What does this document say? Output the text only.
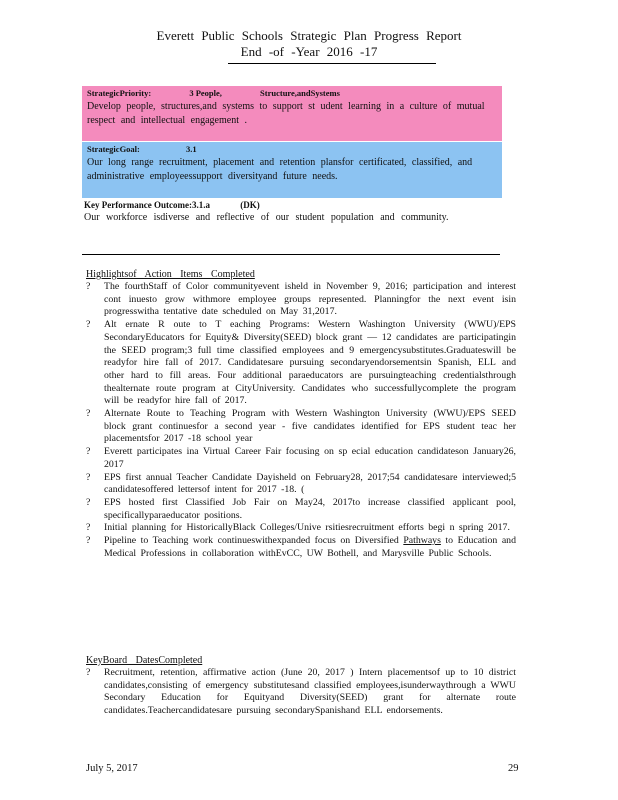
Everett Public Schools Strategic Plan Progress Report
End -of -Year 2016 -17
StrategicPriority:	3 People,	Structure,andSystems
Develop people, structures,and systems to support st udent learning in a culture of mutual respect and intellectual engagement .
StrategicGoal:	3.1
Our long range recruitment, placement and retention plansfor certificated, classified, and administrative employeessupport diversityand future needs.
Key Performance Outcome:3.1.a	(DK)
Our workforce isdiverse and reflective of our student population and community.
Highlightsof Action Items Completed
? The fourthStaff of Color communityevent isheld in November 9, 2016; participation and interest cont inuesto grow withmore employee groups represented. Planningfor the next event isin progresswitha tentative date scheduled on May 31,2017.
? Alt ernate R oute to T eaching Programs: Western Washington University (WWU)/EPS SecondaryEducators for Equity& Diversity(SEED) block grant — 12 candidates are participatingin the SEED program;3 full time classified employees and 9 emergencysubstitutes.Graduateswill be readyfor hire fall of 2017. Candidatesare pursuing secondaryendorsementsin Spanish, ELL and other hard to fill areas. Four additional paraeducators are pursuingteaching credentialsthrough thealternate route program at CityUniversity. Candidates who successfullycomplete the program will be readyfor hire fall of 2017.
? Alternate Route to Teaching Program with Western Washington University (WWU)/EPS SEED block grant continuesfor a second year - five candidates identified for EPS student teac her placementsfor 2017 -18 school year
? Everett participates ina Virtual Career Fair focusing on sp ecial education candidateson January26, 2017
? EPS first annual Teacher Candidate Dayisheld on February28, 2017;54 candidatesare interviewed;5 candidatesoffered lettersof intent for 2017 -18. (
? EPS hosted first Classified Job Fair on May24, 2017to increase classified applicant pool, specificallyparaeducator positions.
? Initial planning for HistoricallyBlack Colleges/Unive rsitiesrecruitment efforts begi n spring 2017.
? Pipeline to Teaching work continueswithexpanded focus on Diversified Pathways to Education and Medical Professions in collaboration withEvCC, UW Bothell, and Marysville Public Schools.
KeyBoard DatesCompleted
? Recruitment, retention, affirmative action (June 20, 2017 ) Intern placementsof up to 10 district candidates,consisting of emergency substitutesand classified employees,isunderwaythrough a WWU Secondary Education for Equityand Diversity(SEED) grant for alternate route candidates.Teachercandidatesare pursuing secondarySpanishand ELL endorsements.
July 5, 2017	29
